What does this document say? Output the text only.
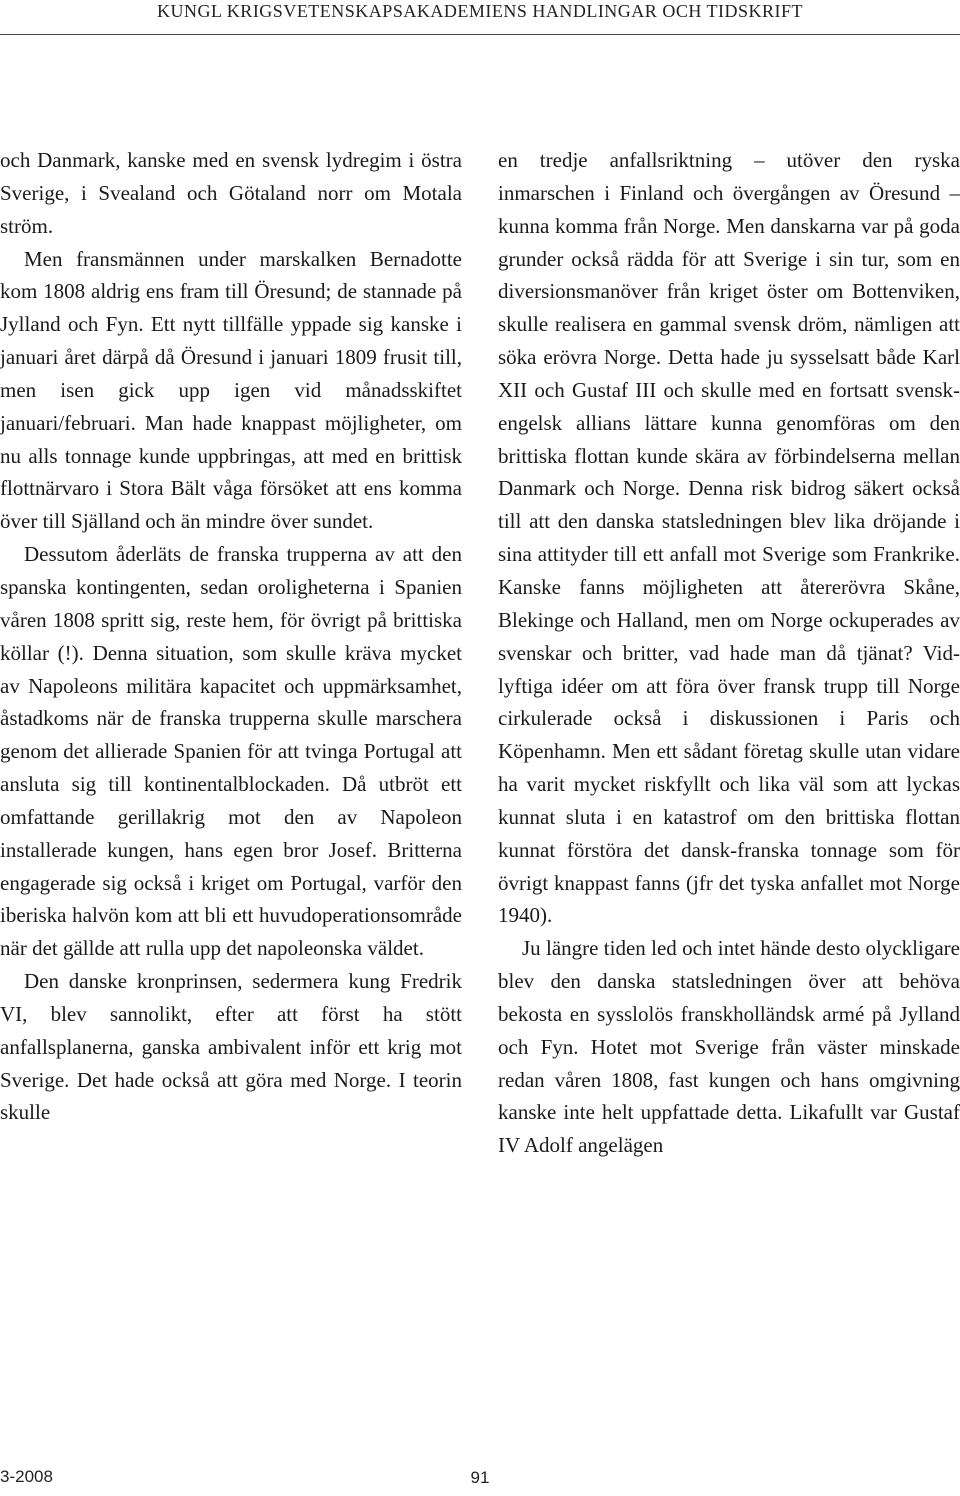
KUNGL KRIGSVETENSKAPSAKADEMIENS HANDLINGAR OCH TIDSKRIFT

och Danmark, kanske med en svensk lydregim i östra Sverige, i Svealand och Götaland norr om Motala ström.

Men fransmännen under marskalken Bernadotte kom 1808 aldrig ens fram till Öresund; de stannade på Jylland och Fyn. Ett nytt tillfälle yppade sig kanske i januari året därpå då Öresund i januari 1809 frusit till, men isen gick upp igen vid månadsskiftet januari/februari. Man hade knappast möjligheter, om nu alls tonnage kunde uppbringas, att med en brittisk flottnärvaro i Stora Bält våga försöket att ens komma över till Själland och än mindre över sundet.

Dessutom åderläts de franska trupperna av att den spanska kontingenten, sedan oroligheterna i Spanien våren 1808 spritt sig, reste hem, för övrigt på brittiska köllar (!). Denna situation, som skulle kräva mycket av Napoleons militära kapacitet och uppmärksamhet, åstadkoms när de franska trupperna skulle marschera genom det allierade Spanien för att tvinga Portugal att ansluta sig till kontinentalblockaden. Då utbröt ett omfattande gerillakrig mot den av Napoleon installerade kungen, hans egen bror Josef. Britterna engagerade sig också i kriget om Portugal, varför den iberiska halvön kom att bli ett huvudoperationsområde när det gällde att rulla upp det napoleonska väldet.

Den danske kronprinsen, sedermera kung Fredrik VI, blev sannolikt, efter att först ha stött anfallsplanerna, ganska ambivalent inför ett krig mot Sverige. Det hade också att göra med Norge. I teorin skulle

en tredje anfallsriktning – utöver den ryska inmarschen i Finland och övergången av Öresund – kunna komma från Norge. Men danskarna var på goda grunder också rädda för att Sverige i sin tur, som en diversionsmanöver från kriget öster om Bottenviken, skulle realisera en gammal svensk dröm, nämligen att söka erövra Norge. Detta hade ju sysselsatt både Karl XII och Gustaf III och skulle med en fortsatt svensk-engelsk allians lättare kunna genomföras om den brittiska flottan kunde skära av förbindelserna mellan Danmark och Norge. Denna risk bidrog säkert också till att den danska statsledningen blev lika dröjande i sina attityder till ett anfall mot Sverige som Frankrike. Kanske fanns möjligheten att återerövra Skåne, Blekinge och Halland, men om Norge ockuperades av svenskar och britter, vad hade man då tjänat? Vidlyftiga idéer om att föra över fransk trupp till Norge cirkulerade också i diskussionen i Paris och Köpenhamn. Men ett sådant företag skulle utan vidare ha varit mycket riskfyllt och lika väl som att lyckas kunnat sluta i en katastrof om den brittiska flottan kunnat förstöra det dansk-franska tonnage som för övrigt knappast fanns (jfr det tyska anfallet mot Norge 1940).

Ju längre tiden led och intet hände desto olyckligare blev den danska statsledningen över att behöva bekosta en sysslolös franskholländsk armé på Jylland och Fyn. Hotet mot Sverige från väster minskade redan våren 1808, fast kungen och hans omgivning kanske inte helt uppfattade detta. Likafullt var Gustaf IV Adolf angelägen

3-2008	91
